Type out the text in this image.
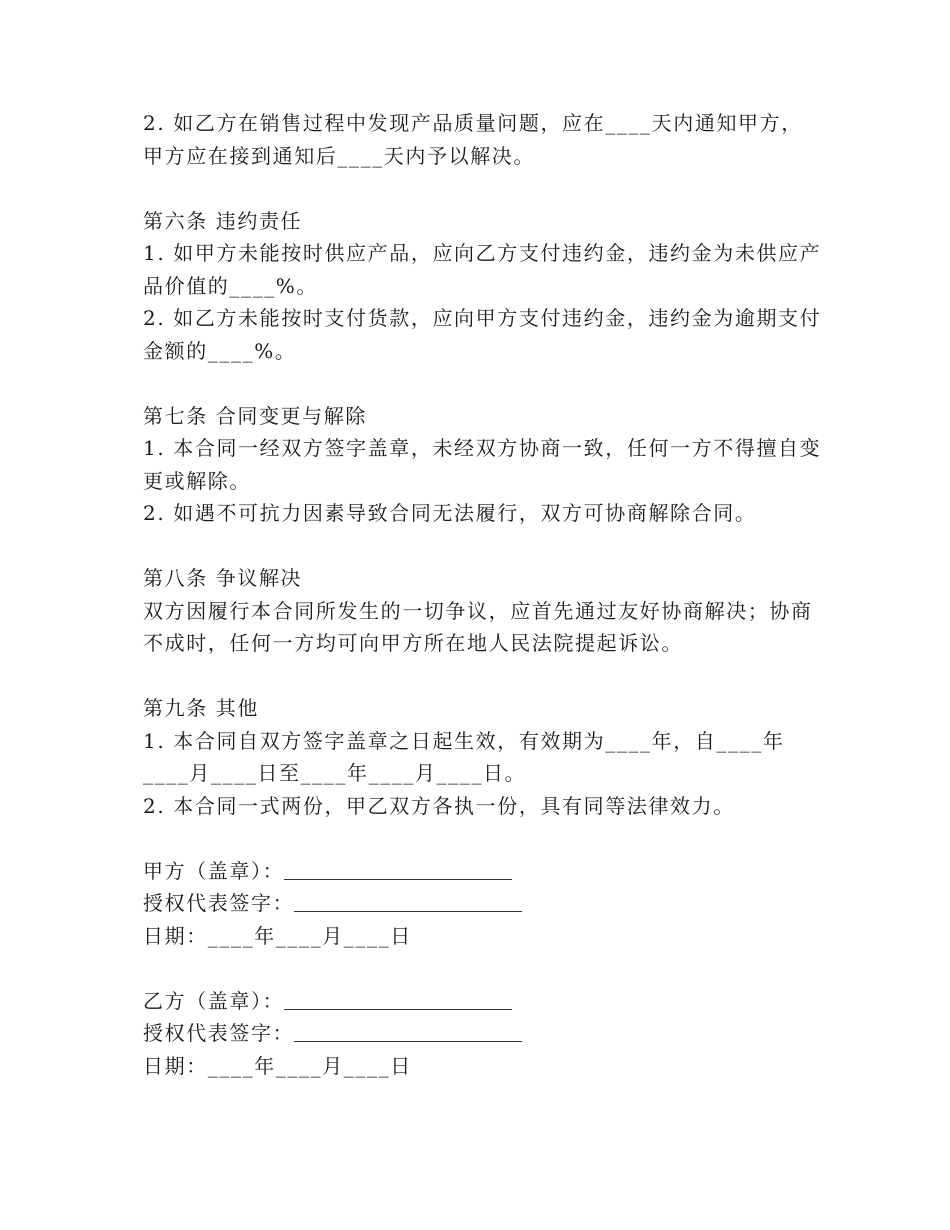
2. 如乙方在销售过程中发现产品质量问题，应在____天内通知甲方，甲方应在接到通知后____天内予以解决。

第六条 违约责任

1. 如甲方未能按时供应产品，应向乙方支付违约金，违约金为未供应产品价值的____%。

2. 如乙方未能按时支付货款，应向甲方支付违约金，违约金为逾期支付金额的____%。

第七条 合同变更与解除

1. 本合同一经双方签字盖章，未经双方协商一致，任何一方不得擅自变更或解除。

2. 如遇不可抗力因素导致合同无法履行，双方可协商解除合同。

第八条 争议解决

双方因履行本合同所发生的一切争议，应首先通过友好协商解决；协商不成时，任何一方均可向甲方所在地人民法院提起诉讼。

第九条 其他

1. 本合同自双方签字盖章之日起生效，有效期为____年，自____年____月____日至____年____月____日。

2. 本合同一式两份，甲乙双方各执一份，具有同等法律效力。

甲方（盖章）：

授权代表签字：

日期：____年____月____日

乙方（盖章）：

授权代表签字：

日期：____年____月____日
